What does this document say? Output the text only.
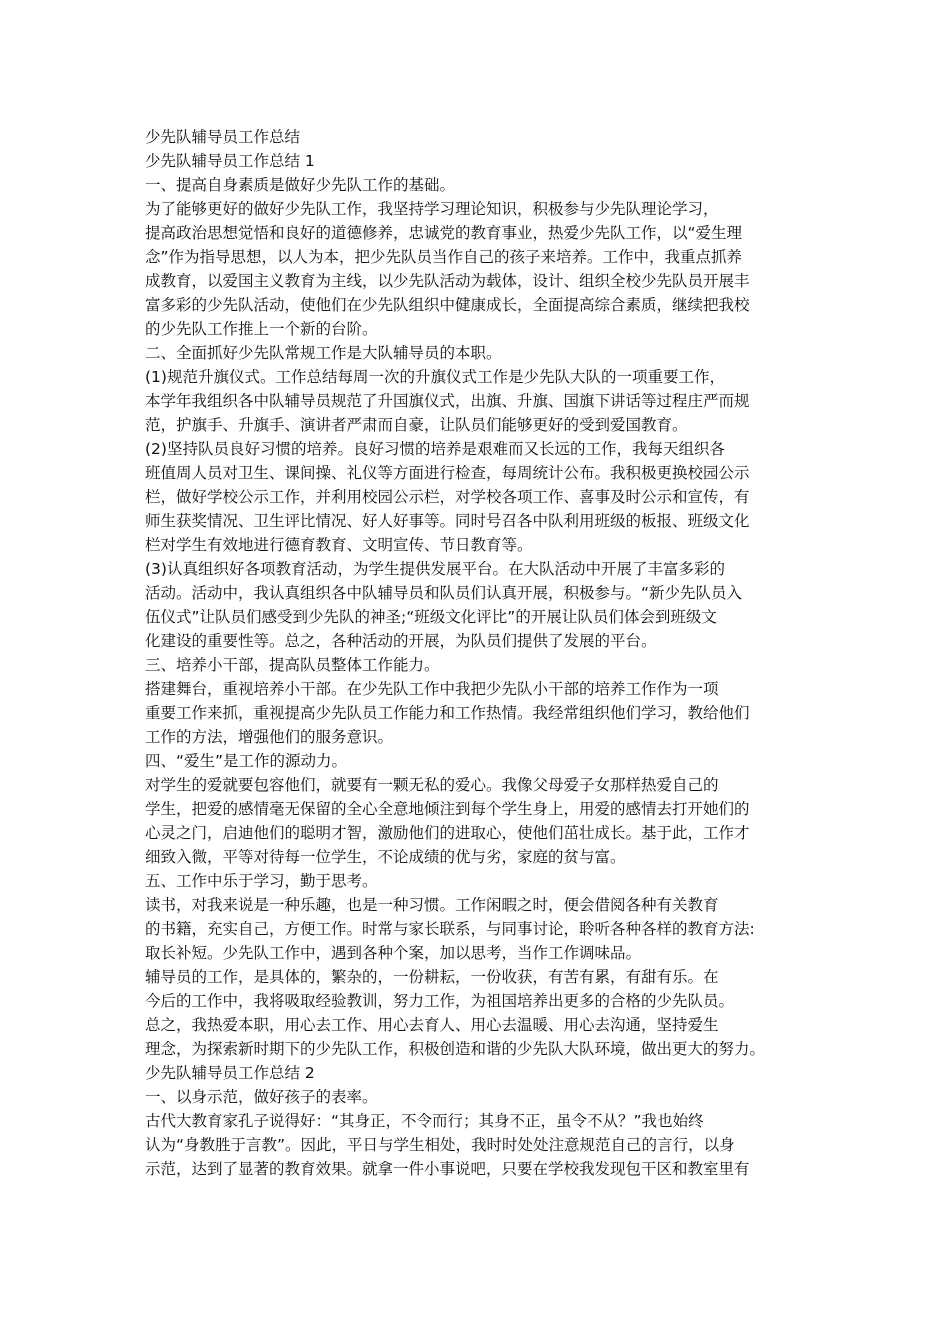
少先队辅导员工作总结
少先队辅导员工作总结 1
一、提高自身素质是做好少先队工作的基础。
为了能够更好的做好少先队工作，我坚持学习理论知识，积极参与少先队理论学习，
提高政治思想觉悟和良好的道德修养，忠诚党的教育事业，热爱少先队工作，以“爱生理
念”作为指导思想，以人为本，把少先队员当作自己的孩子来培养。工作中，我重点抓养
成教育，以爱国主义教育为主线，以少先队活动为载体，设计、组织全校少先队员开展丰
富多彩的少先队活动，使他们在少先队组织中健康成长，全面提高综合素质，继续把我校
的少先队工作推上一个新的台阶。
二、全面抓好少先队常规工作是大队辅导员的本职。
(1)规范升旗仪式。工作总结每周一次的升旗仪式工作是少先队大队的一项重要工作，
本学年我组织各中队辅导员规范了升国旗仪式，出旗、升旗、国旗下讲话等过程庄严而规
范，护旗手、升旗手、演讲者严肃而自豪，让队员们能够更好的受到爱国教育。
(2)坚持队员良好习惯的培养。良好习惯的培养是艰难而又长远的工作，我每天组织各
班值周人员对卫生、课间操、礼仪等方面进行检查，每周统计公布。我积极更换校园公示
栏，做好学校公示工作，并利用校园公示栏，对学校各项工作、喜事及时公示和宣传，有
师生获奖情况、卫生评比情况、好人好事等。同时号召各中队利用班级的板报、班级文化
栏对学生有效地进行德育教育、文明宣传、节日教育等。
(3)认真组织好各项教育活动，为学生提供发展平台。在大队活动中开展了丰富多彩的
活动。活动中，我认真组织各中队辅导员和队员们认真开展，积极参与。“新少先队员入
伍仪式”让队员们感受到少先队的神圣;“班级文化评比”的开展让队员们体会到班级文
化建设的重要性等。总之，各种活动的开展，为队员们提供了发展的平台。
三、培养小干部，提高队员整体工作能力。
搭建舞台，重视培养小干部。在少先队工作中我把少先队小干部的培养工作作为一项
重要工作来抓，重视提高少先队员工作能力和工作热情。我经常组织他们学习，教给他们
工作的方法，增强他们的服务意识。
四、“爱生”是工作的源动力。
对学生的爱就要包容他们，就要有一颗无私的爱心。我像父母爱子女那样热爱自己的
学生，把爱的感情毫无保留的全心全意地倾注到每个学生身上，用爱的感情去打开她们的
心灵之门，启迪他们的聪明才智，激励他们的进取心，使他们茁壮成长。基于此，工作才
细致入微，平等对待每一位学生，不论成绩的优与劣，家庭的贫与富。
五、工作中乐于学习，勤于思考。
读书，对我来说是一种乐趣，也是一种习惯。工作闲暇之时，便会借阅各种有关教育
的书籍，充实自己，方便工作。时常与家长联系，与同事讨论，聆听各种各样的教育方法:
取长补短。少先队工作中，遇到各种个案，加以思考，当作工作调味品。
辅导员的工作，是具体的，繁杂的，一份耕耘，一份收获，有苦有累，有甜有乐。在
今后的工作中，我将吸取经验教训，努力工作，为祖国培养出更多的合格的少先队员。
总之，我热爱本职，用心去工作、用心去育人、用心去温暖、用心去沟通，坚持爱生
理念，为探索新时期下的少先队工作，积极创造和谐的少先队大队环境，做出更大的努力。
少先队辅导员工作总结 2
一、以身示范，做好孩子的表率。
古代大教育家孔子说得好：“其身正，不令而行；其身不正，虽令不从？”我也始终
认为“身教胜于言教”。因此，平日与学生相处，我时时处处注意规范自己的言行，以身
示范，达到了显著的教育效果。就拿一件小事说吧，只要在学校我发现包干区和教室里有
